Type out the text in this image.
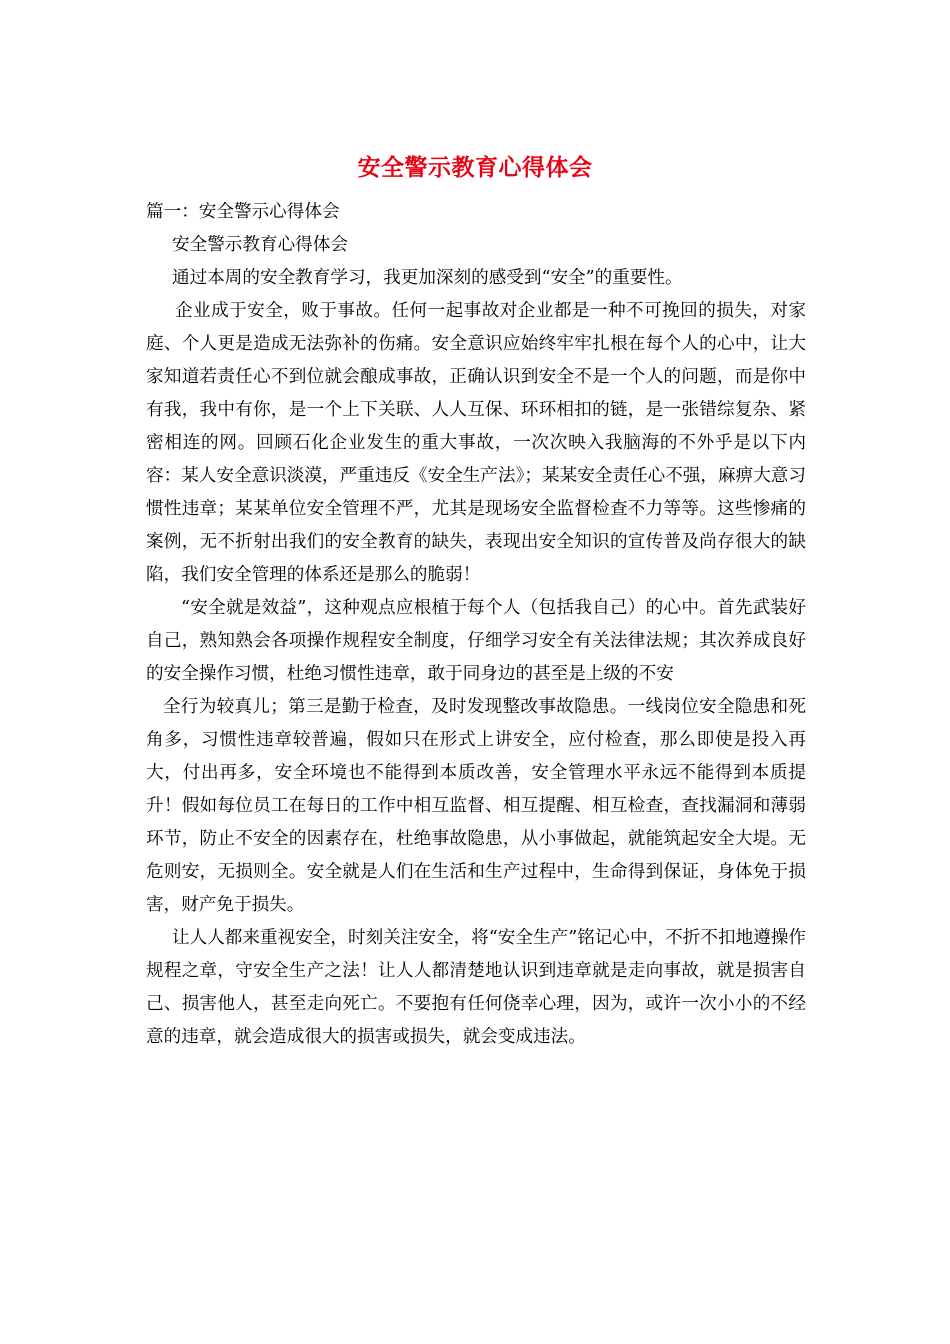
安全警示教育心得体会

篇一：安全警示心得体会

安全警示教育心得体会

通过本周的安全教育学习，我更加深刻的感受到“安全”的重要性。

企业成于安全，败于事故。任何一起事故对企业都是一种不可挽回的损失，对家庭、个人更是造成无法弥补的伤痛。安全意识应始终牢牢扎根在每个人的心中，让大家知道若责任心不到位就会酿成事故，正确认识到安全不是一个人的问题，而是你中有我，我中有你，是一个上下关联、人人互保、环环相扣的链，是一张错综复杂、紧密相连的网。回顾石化企业发生的重大事故，一次次映入我脑海的不外乎是以下内容：某人安全意识淡漠，严重违反《安全生产法》；某某安全责任心不强，麻痹大意习惯性违章；某某单位安全管理不严，尤其是现场安全监督检查不力等等。这些惨痛的案例，无不折射出我们的安全教育的缺失，表现出安全知识的宣传普及尚存很大的缺陷，我们安全管理的体系还是那么的脆弱！

“安全就是效益”，这种观点应根植于每个人（包括我自己）的心中。首先武装好自己，熟知熟会各项操作规程安全制度，仔细学习安全有关法律法规；其次养成良好的安全操作习惯，杜绝习惯性违章，敢于同身边的甚至是上级的不安

全行为较真儿；第三是勤于检查，及时发现整改事故隐患。一线岗位安全隐患和死角多，习惯性违章较普遍，假如只在形式上讲安全，应付检查，那么即使是投入再大，付出再多，安全环境也不能得到本质改善，安全管理水平永远不能得到本质提升！假如每位员工在每日的工作中相互监督、相互提醒、相互检查，查找漏洞和薄弱环节，防止不安全的因素存在，杜绝事故隐患，从小事做起，就能筑起安全大堤。无危则安，无损则全。安全就是人们在生活和生产过程中，生命得到保证，身体免于损害，财产免于损失。

让人人都来重视安全，时刻关注安全，将“安全生产”铭记心中，不折不扣地遵操作规程之章，守安全生产之法！让人人都清楚地认识到违章就是走向事故，就是损害自己、损害他人，甚至走向死亡。不要抱有任何侥幸心理，因为，或许一次小小的不经意的违章，就会造成很大的损害或损失，就会变成违法。
